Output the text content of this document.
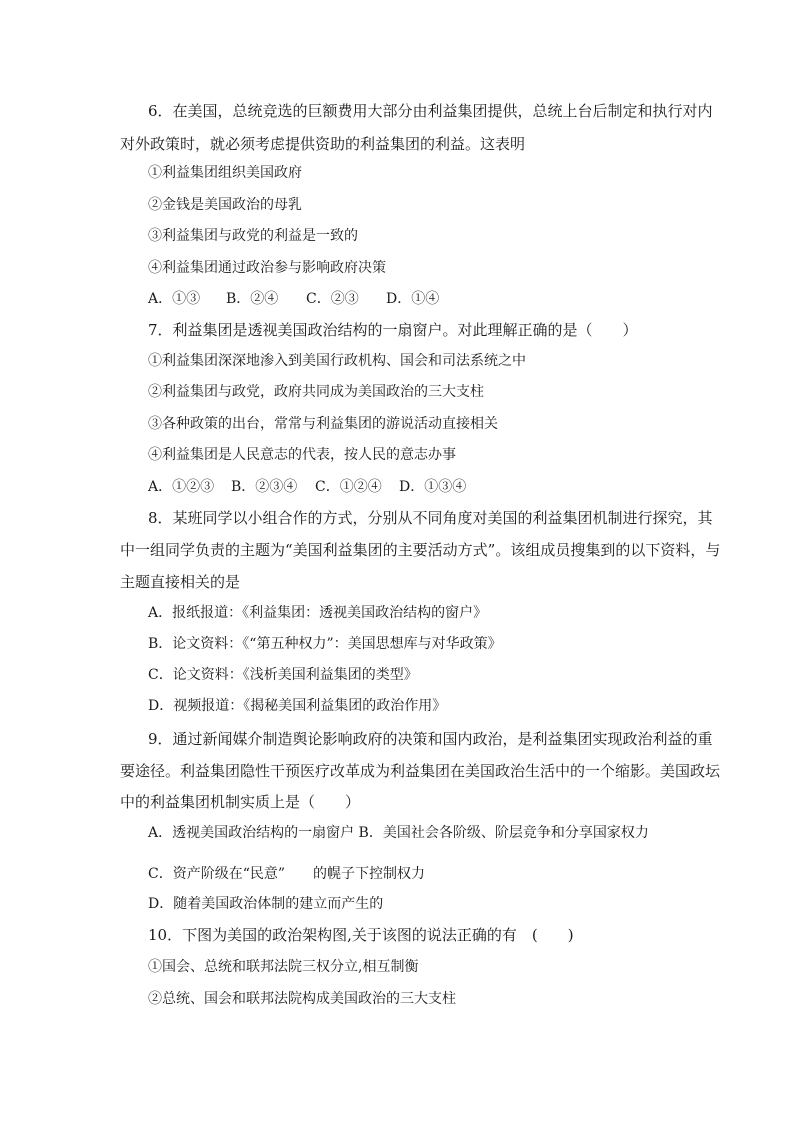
6．在美国，总统竞选的巨额费用大部分由利益集团提供，总统上台后制定和执行对内
对外政策时，就必须考虑提供资助的利益集团的利益。这表明
①利益集团组织美国政府
②金钱是美国政治的母乳
③利益集团与政党的利益是一致的
④利益集团通过政治参与影响政府决策
A．①③ B．②④ C．②③ D．①④
7．利益集团是透视美国政治结构的一扇窗户。对此理解正确的是（　　）
①利益集团深深地渗入到美国行政机构、国会和司法系统之中
②利益集团与政党，政府共同成为美国政治的三大支柱
③各种政策的出台，常常与利益集团的游说活动直接相关
④利益集团是人民意志的代表，按人民的意志办事
A．①②③ B．②③④ C．①②④ D．①③④
8．某班同学以小组合作的方式，分别从不同角度对美国的利益集团机制进行探究，其
中一组同学负责的主题为“美国利益集团的主要活动方式”。该组成员搜集到的以下资料，与
主题直接相关的是
A．报纸报道：《利益集团：透视美国政治结构的窗户》
B．论文资料：《“第五种权力”：美国思想库与对华政策》
C．论文资料：《浅析美国利益集团的类型》
D．视频报道：《揭秘美国利益集团的政治作用》
9．通过新闻媒介制造舆论影响政府的决策和国内政治，是利益集团实现政治利益的重
要途径。利益集团隐性干预医疗改革成为利益集团在美国政治生活中的一个缩影。美国政坛
中的利益集团机制实质上是（　　）
A．透视美国政治结构的一扇窗户 B．美国社会各阶级、阶层竞争和分享国家权力
C．资产阶级在“民意”　　的幌子下控制权力
D．随着美国政治体制的建立而产生的
10．下图为美国的政治架构图,关于该图的说法正确的有　(　　)
①国会、总统和联邦法院三权分立,相互制衡
②总统、国会和联邦法院构成美国政治的三大支柱
